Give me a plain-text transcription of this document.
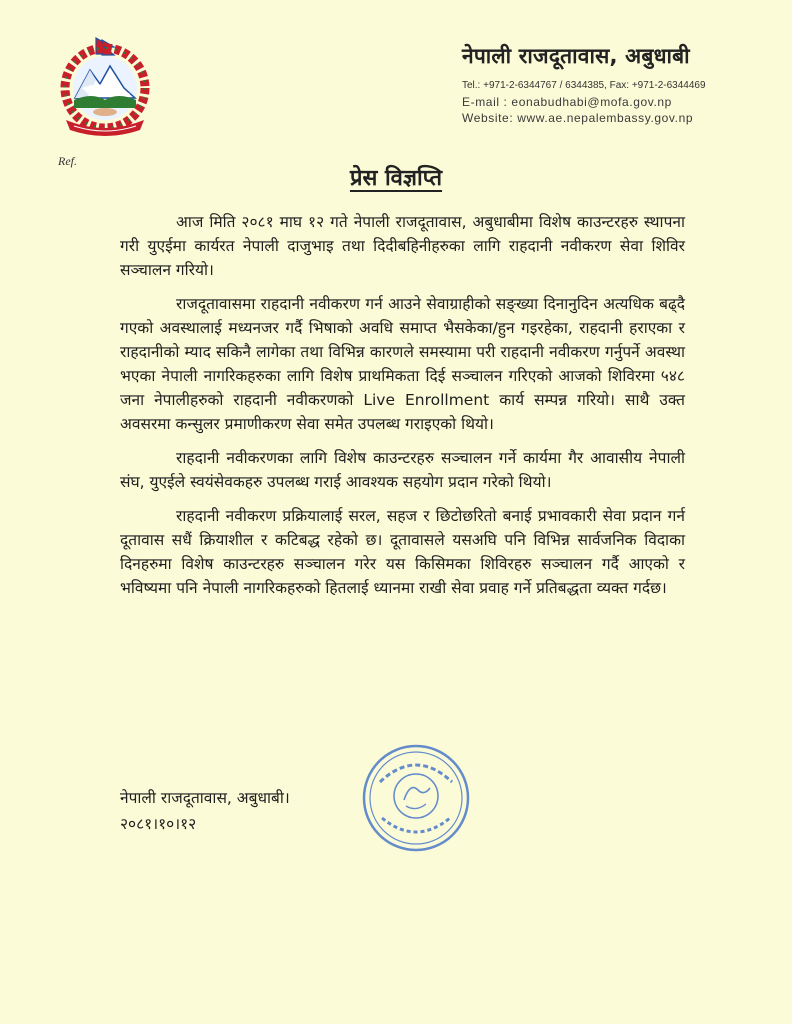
नेपाली राजदूतावास, अबुधाबी
Tel.: +971-2-6344767 / 6344385, Fax: +971-2-6344469
E-mail : eonabudhabi@mofa.gov.np
Website: www.ae.nepalembassy.gov.np
Ref.
प्रेस विज्ञप्ति

आज मिति २०८१ माघ १२ गते नेपाली राजदूतावास, अबुधाबीमा विशेष काउन्टरहरु स्थापना गरी युएईमा कार्यरत नेपाली दाजुभाइ तथा दिदीबहिनीहरुका लागि राहदानी नवीकरण सेवा शिविर सञ्चालन गरियो।

राजदूतावासमा राहदानी नवीकरण गर्न आउने सेवाग्राहीको सङ्ख्या दिनानुदिन अत्यधिक बढ्दै गएको अवस्थालाई मध्यनजर गर्दै भिषाको अवधि समाप्त भैसकेका/हुन गइरहेका, राहदानी हराएका र राहदानीको म्याद सकिनै लागेका तथा विभिन्न कारणले समस्यामा परी राहदानी नवीकरण गर्नुपर्ने अवस्था भएका नेपाली नागरिकहरुका लागि विशेष प्राथमिकता दिई सञ्चालन गरिएको आजको शिविरमा ५४८ जना नेपालीहरुको राहदानी नवीकरणको Live Enrollment कार्य सम्पन्न गरियो। साथै उक्त अवसरमा कन्सुलर प्रमाणीकरण सेवा समेत उपलब्ध गराइएको थियो।

राहदानी नवीकरणका लागि विशेष काउन्टरहरु सञ्चालन गर्ने कार्यमा गैर आवासीय नेपाली संघ, युएईले स्वयंसेवकहरु उपलब्ध गराई आवश्यक सहयोग प्रदान गरेको थियो।

राहदानी नवीकरण प्रक्रियालाई सरल, सहज र छिटोछरितो बनाई प्रभावकारी सेवा प्रदान गर्न दूतावास सधैं क्रियाशील र कटिबद्ध रहेको छ। दूतावासले यसअघि पनि विभिन्न सार्वजनिक विदाका दिनहरुमा विशेष काउन्टरहरु सञ्चालन गरेर यस किसिमका शिविरहरु सञ्चालन गर्दै आएको र भविष्यमा पनि नेपाली नागरिकहरुको हितलाई ध्यानमा राखी सेवा प्रवाह गर्ने प्रतिबद्धता व्यक्त गर्दछ।

नेपाली राजदूतावास, अबुधाबी।
२०८१।१०।१२
